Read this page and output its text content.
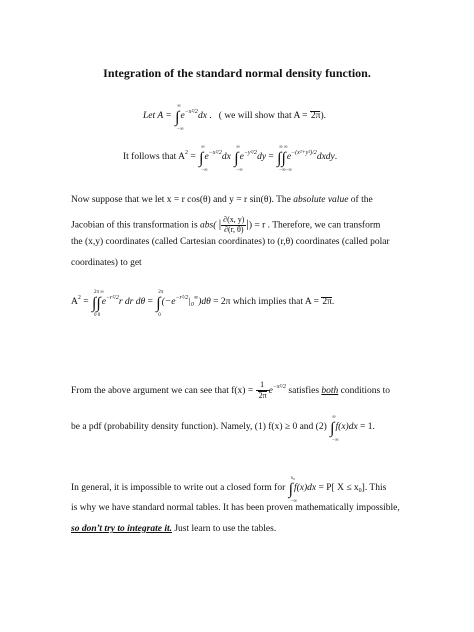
Integration of the standard normal density function.
Let A = ∫
∞
−∞
$e^{-x^2/2}dx$ .   ( we will show that A = 2π).
It follows that $A^2$ = ∫
∞
−∞
$e^{-x^2/2}dx$ ∫
∞
−∞
$e^{-y^2/2}dy$ = ∫∫
∞ ∞
−∞−∞
$e^{-(x^2+y^2)/2}dxdy$.
Now suppose that we let x = r cos(θ) and y = r sin(θ). The absolute value of the
Jacobian of this transformation is abs( | $\frac{\partial(x, y)}{\partial(r, \theta)}$ |) = r . Therefore, we can transform
the (x,y) coordinates (called Cartesian coordinates) to (r,θ) coordinates (called polar
coordinates) to get
$A^2$ = ∫∫
2π ∞
0 0
$e^{-r^2/2}r$ dr dθ = ∫
2π
0
$(-e^{-r^2/2}|_0^\infty)d\theta = 2\pi$ which implies that A = 2π.
From the above argument we can see that $f(x) = \frac{1}{2\pi} e^{-x^2/2}$ satisfies both conditions to
be a pdf (probability density function). Namely, (1) f(x) ≥ 0 and (2) ∫
∞
−∞
f(x)dx = 1.
In general, it is impossible to write out a closed form for ∫
x₀
−∞
f(x)dx = P[ $X \le x_0$]. This
is why we have standard normal tables. It has been proven mathematically impossible,
so don’t try to integrate it. Just learn to use the tables.
